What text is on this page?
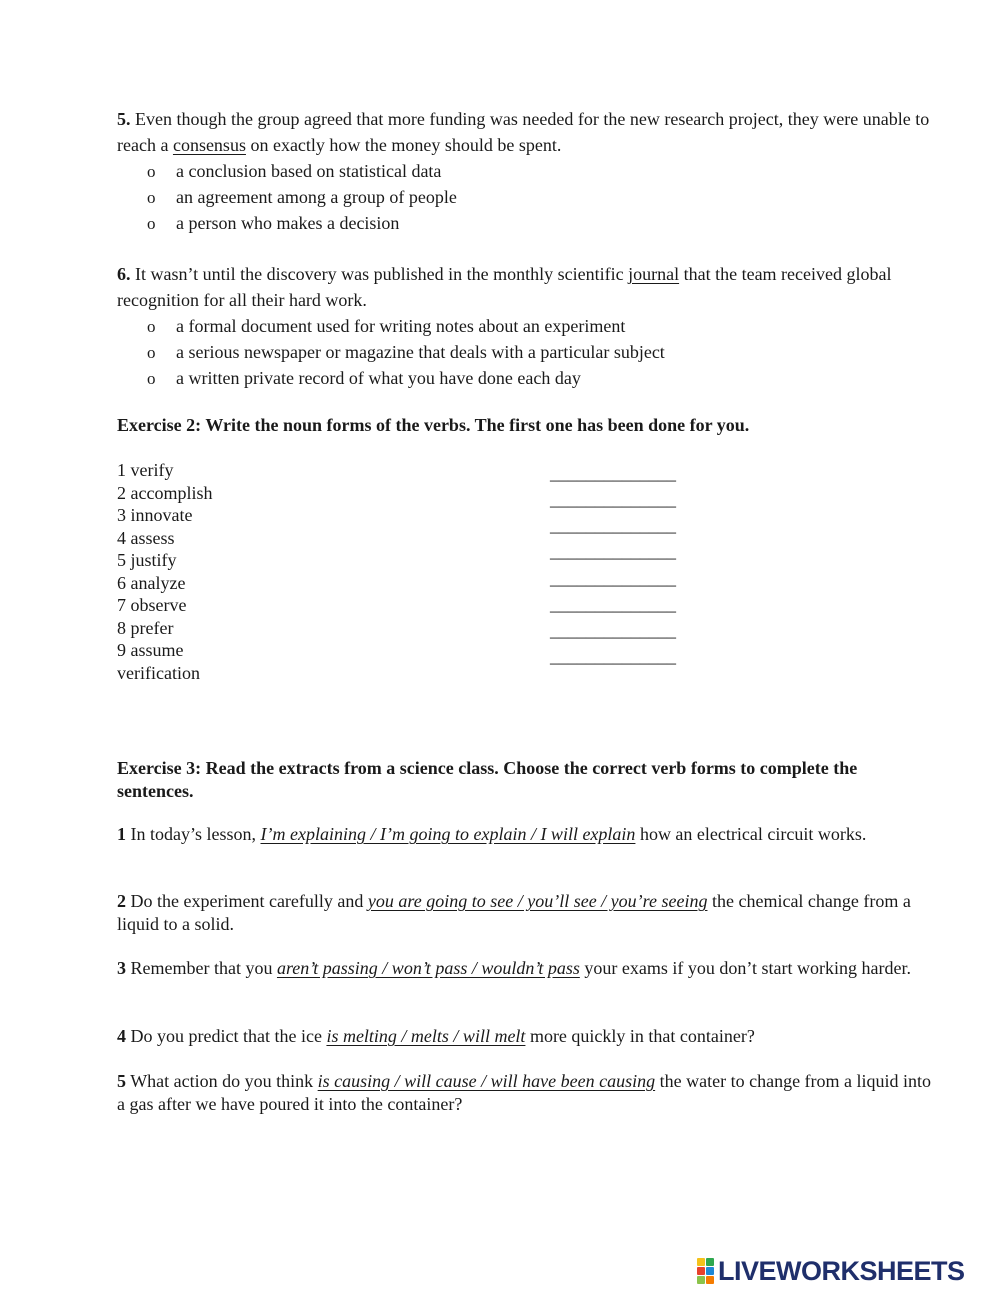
5. Even though the group agreed that more funding was needed for the new research project, they were unable to reach a consensus on exactly how the money should be spent.
o a conclusion based on statistical data
o an agreement among a group of people
o a person who makes a decision
6. It wasn’t until the discovery was published in the monthly scientific journal that the team received global recognition for all their hard work.
o a formal document used for writing notes about an experiment
o a serious newspaper or magazine that deals with a particular subject
o a written private record of what you have done each day
Exercise 2: Write the noun forms of the verbs. The first one has been done for you.
1 verify
2 accomplish
3 innovate
4 assess
5 justify
6 analyze
7 observe
8 prefer
9 assume
verification
______________
______________
______________
______________
______________
______________
______________
______________
Exercise 3: Read the extracts from a science class. Choose the correct verb forms to complete the sentences.
1 In today’s lesson, I’m explaining / I’m going to explain / I will explain how an electrical circuit works.
2 Do the experiment carefully and you are going to see / you’ll see / you’re seeing the chemical change from a liquid to a solid.
3 Remember that you aren’t passing / won’t pass / wouldn’t pass your exams if you don’t start working harder.
4 Do you predict that the ice is melting / melts / will melt more quickly in that container?
5 What action do you think is causing / will cause / will have been causing the water to change from a liquid into a gas after we have poured it into the container?
LIVEWORKSHEETS
